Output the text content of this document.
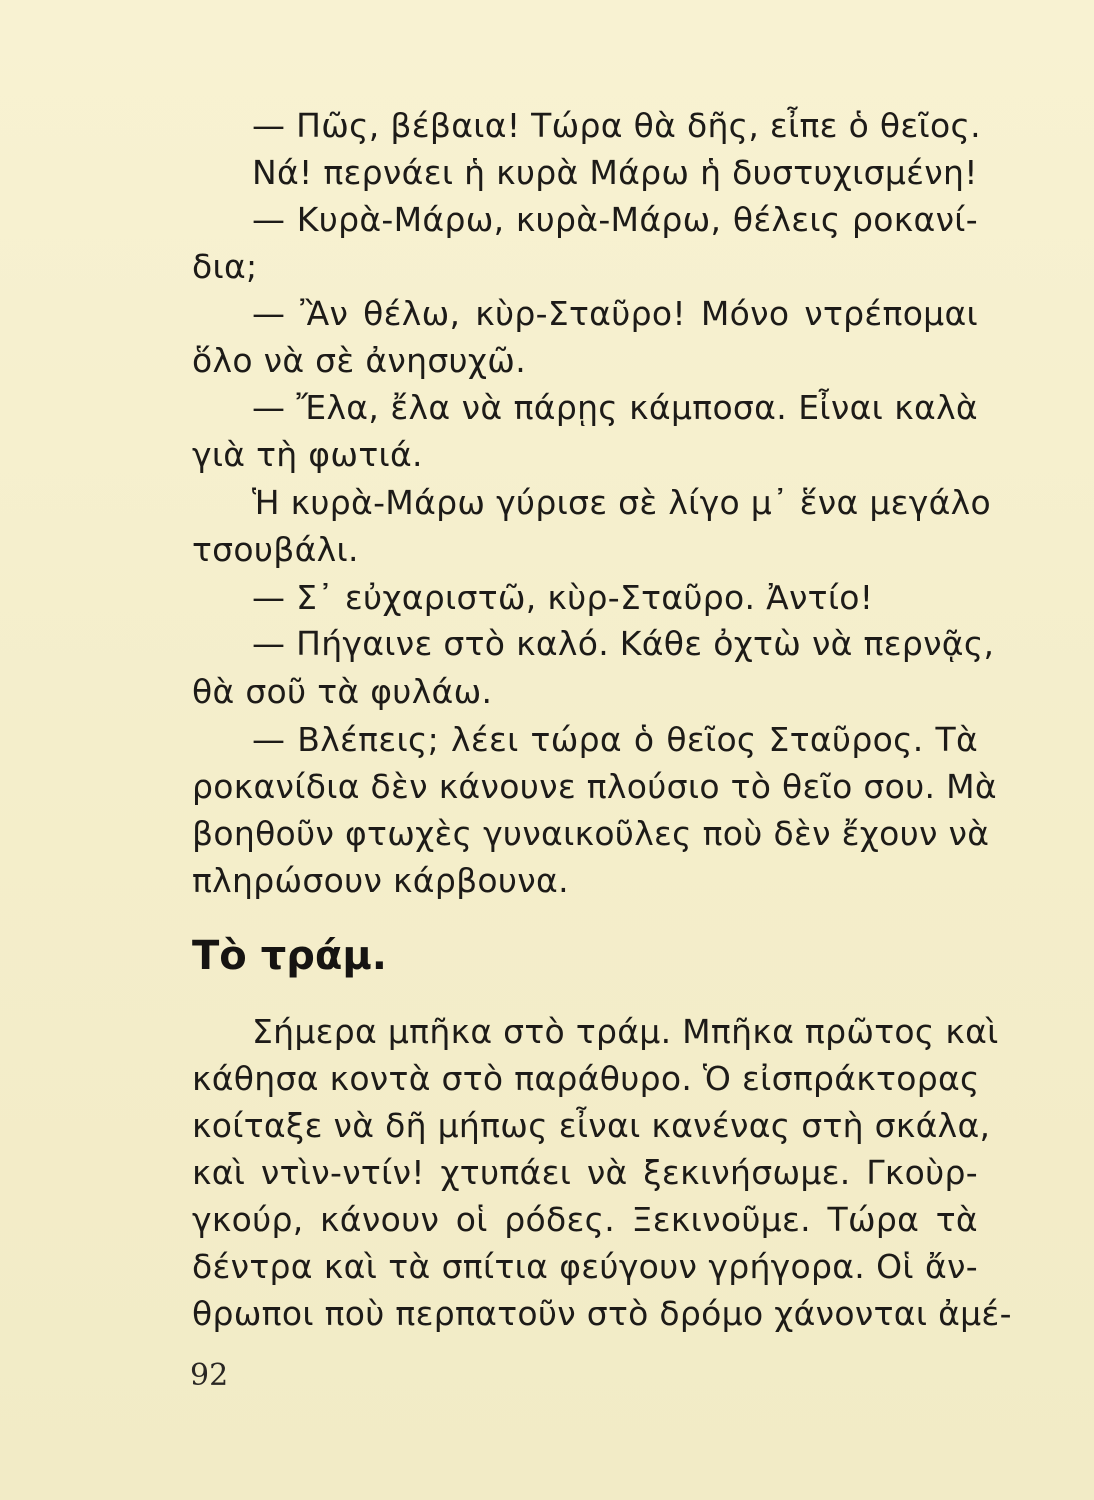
— Πῶς, βέβαια! Τώρα θὰ δῆς, εἶπε ὁ θεῖος.
Νά! περνάει ἡ κυρὰ Μάρω ἡ δυστυχισμένη!
— Κυρὰ-Μάρω, κυρὰ-Μάρω, θέλεις ροκανί-
δια;
— Ἂν θέλω, κὺρ-Σταῦρο! Μόνο ντρέπομαι
ὅλο νὰ σὲ ἀνησυχῶ.
— Ἔλα, ἔλα νὰ πάρῃς κάμποσα. Εἶναι καλὰ
γιὰ τὴ φωτιά.
Ἡ κυρὰ-Μάρω γύρισε σὲ λίγο μ᾽ ἕνα μεγάλο
τσουβάλι.
— Σ᾽ εὐχαριστῶ, κὺρ-Σταῦρο. Ἀντίο!
— Πήγαινε στὸ καλό. Κάθε ὀχτὼ νὰ περνᾷς,
θὰ σοῦ τὰ φυλάω.
— Βλέπεις; λέει τώρα ὁ θεῖος Σταῦρος. Τὰ
ροκανίδια δὲν κάνουνε πλούσιο τὸ θεῖο σου. Μὰ
βοηθοῦν φτωχὲς γυναικοῦλες ποὺ δὲν ἔχουν νὰ
πληρώσουν κάρβουνα.
Σήμερα μπῆκα στὸ τράμ. Μπῆκα πρῶτος καὶ
κάθησα κοντὰ στὸ παράθυρο. Ὁ εἰσπράκτορας
κοίταξε νὰ δῆ μήπως εἶναι κανένας στὴ σκάλα,
καὶ ντὶν-ντίν! χτυπάει νὰ ξεκινήσωμε. Γκοὺρ-
γκούρ, κάνουν οἱ ρόδες. Ξεκινοῦμε. Τώρα τὰ
δέντρα καὶ τὰ σπίτια φεύγουν γρήγορα. Οἱ ἄν-
θρωποι ποὺ περπατοῦν στὸ δρόμο χάνονται ἀμέ-
Τὸ τράμ.
92
